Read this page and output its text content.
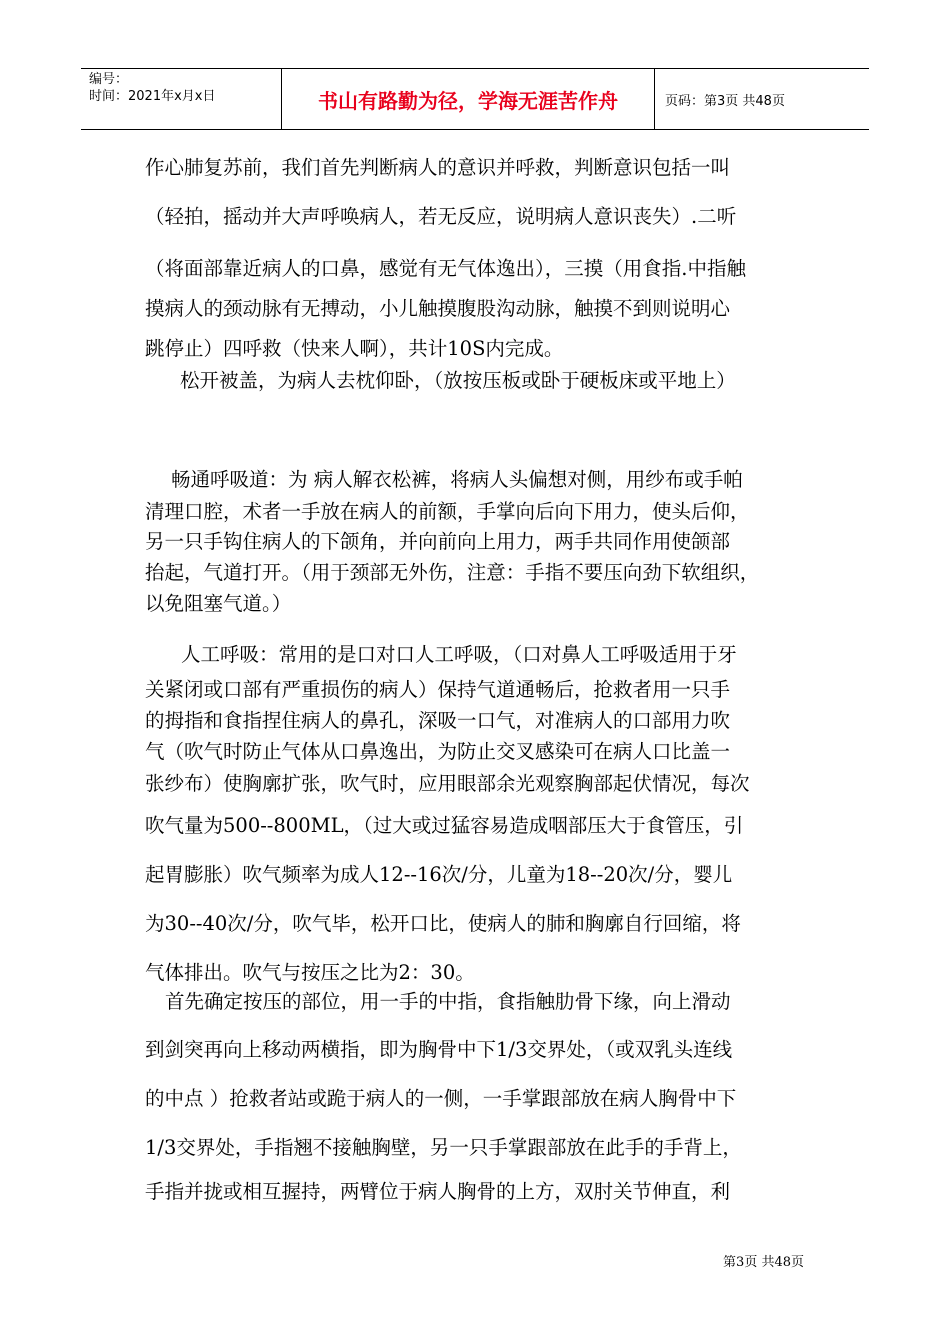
编号：
时间：2021年x月x日	书山有路勤为径，学海无涯苦作舟	页码：第3页 共48页
作心肺复苏前，我们首先判断病人的意识并呼救，判断意识包括一叫
（轻拍，摇动并大声呼唤病人，若无反应，说明病人意识丧失）.二听
（将面部靠近病人的口鼻，感觉有无气体逸出），三摸（用食指.中指触
摸病人的颈动脉有无搏动，小儿触摸腹股沟动脉，触摸不到则说明心
跳停止）四呼救（快来人啊），共计10S内完成。
松开被盖，为病人去枕仰卧，（放按压板或卧于硬板床或平地上）
畅通呼吸道：为 病人解衣松裤，将病人头偏想对侧，用纱布或手帕
清理口腔，术者一手放在病人的前额，手掌向后向下用力，使头后仰，
另一只手钩住病人的下颌角，并向前向上用力，两手共同作用使颌部
抬起，气道打开。（用于颈部无外伤，注意：手指不要压向劲下软组织，
以免阻塞气道。）
人工呼吸：常用的是口对口人工呼吸，（口对鼻人工呼吸适用于牙
关紧闭或口部有严重损伤的病人）保持气道通畅后，抢救者用一只手
的拇指和食指捏住病人的鼻孔，深吸一口气，对准病人的口部用力吹
气（吹气时防止气体从口鼻逸出，为防止交叉感染可在病人口比盖一
张纱布）使胸廓扩张，吹气时，应用眼部余光观察胸部起伏情况，每次
吹气量为500--800ML，（过大或过猛容易造成咽部压大于食管压，引
起胃膨胀）吹气频率为成人12--16次/分，儿童为18--20次/分，婴儿
为30--40次/分，吹气毕，松开口比，使病人的肺和胸廓自行回缩，将
气体排出。吹气与按压之比为2：30。
首先确定按压的部位，用一手的中指，食指触肋骨下缘，向上滑动
到剑突再向上移动两横指，即为胸骨中下1/3交界处，（或双乳头连线
的中点 ）抢救者站或跪于病人的一侧，一手掌跟部放在病人胸骨中下
1/3交界处，手指翘不接触胸壁，另一只手掌跟部放在此手的手背上，
手指并拢或相互握持，两臂位于病人胸骨的上方，双肘关节伸直，利
第3页 共48页
